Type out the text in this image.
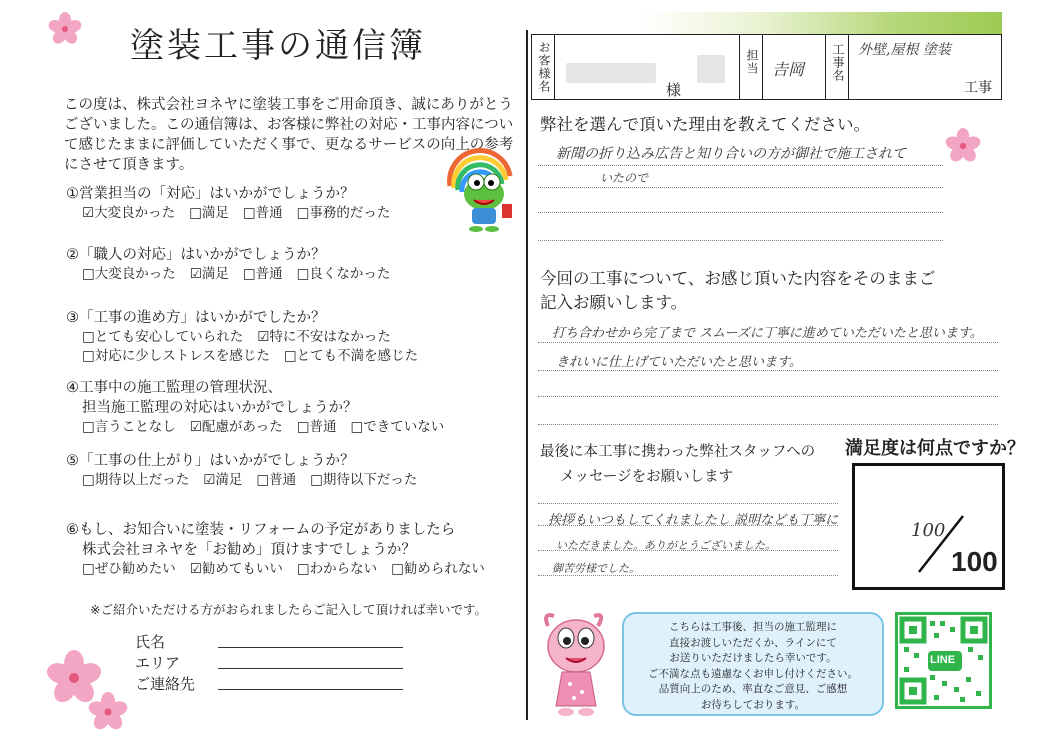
塗装工事の通信簿
この度は、株式会社ヨネヤに塗装工事をご用命頂き、誠にありがとうございました。この通信簿は、お客様に弊社の対応・工事内容について感じたままに評価していただく事で、更なるサービスの向上の参考にさせて頂きます。
①営業担当の「対応」はいかがでしょうか？
☑大変良かった □満足 □普通 □事務的だった
②「職人の対応」はいかがでしょうか？
□大変良かった ☑満足 □普通 □良くなかった
③「工事の進め方」はいかがでしたか？
□とても安心していられた ☑特に不安はなかった
□対応に少しストレスを感じた □とても不満を感じた
④工事中の施工監理の管理状況、
担当施工監理の対応はいかがでしょうか？
□言うことなし ☑配慮があった □普通 □できていない
⑤「工事の仕上がり」はいかがでしょうか？
□期待以上だった ☑満足 □普通 □期待以下だった
⑥もし、お知合いに塗装・リフォームの予定がありましたら
株式会社ヨネヤを「お勧め」頂けますでしょうか？
□ぜひ勧めたい ☑勧めてもいい □わからない □勧められない
※ご紹介いただける方がおられましたらご記入して頂ければ幸いです。
氏名
エリア
ご連絡先
お客様名	様
担当 𠮷岡 工事名 外壁,屋根 塗装
工事
弊社を選んで頂いた理由を教えてください。
新聞の折り込み広告と知り合いの方が御社で施工されて
いたので
今回の工事について、お感じ頂いた内容をそのままご
記入お願いします。
打ち合わせから完了まで スムーズに丁寧に進めていただいたと思います。
きれいに仕上げていただいたと思います。
最後に本工事に携わった弊社スタッフへの 満足度は何点ですか？
メッセージをお願いします
挨拶もいつもしてくれましたし 説明なども丁寧に
いただきました。ありがとうございました。
御苦労様でした。
100
100
こちらは工事後、担当の施工監理に
直接お渡しいただくか、ラインにて
お送りいただけましたら幸いです。
ご不満な点も遠慮なくお申し付けください。
品質向上のため、率直なご意見、ご感想
お待ちしております。
LINE
